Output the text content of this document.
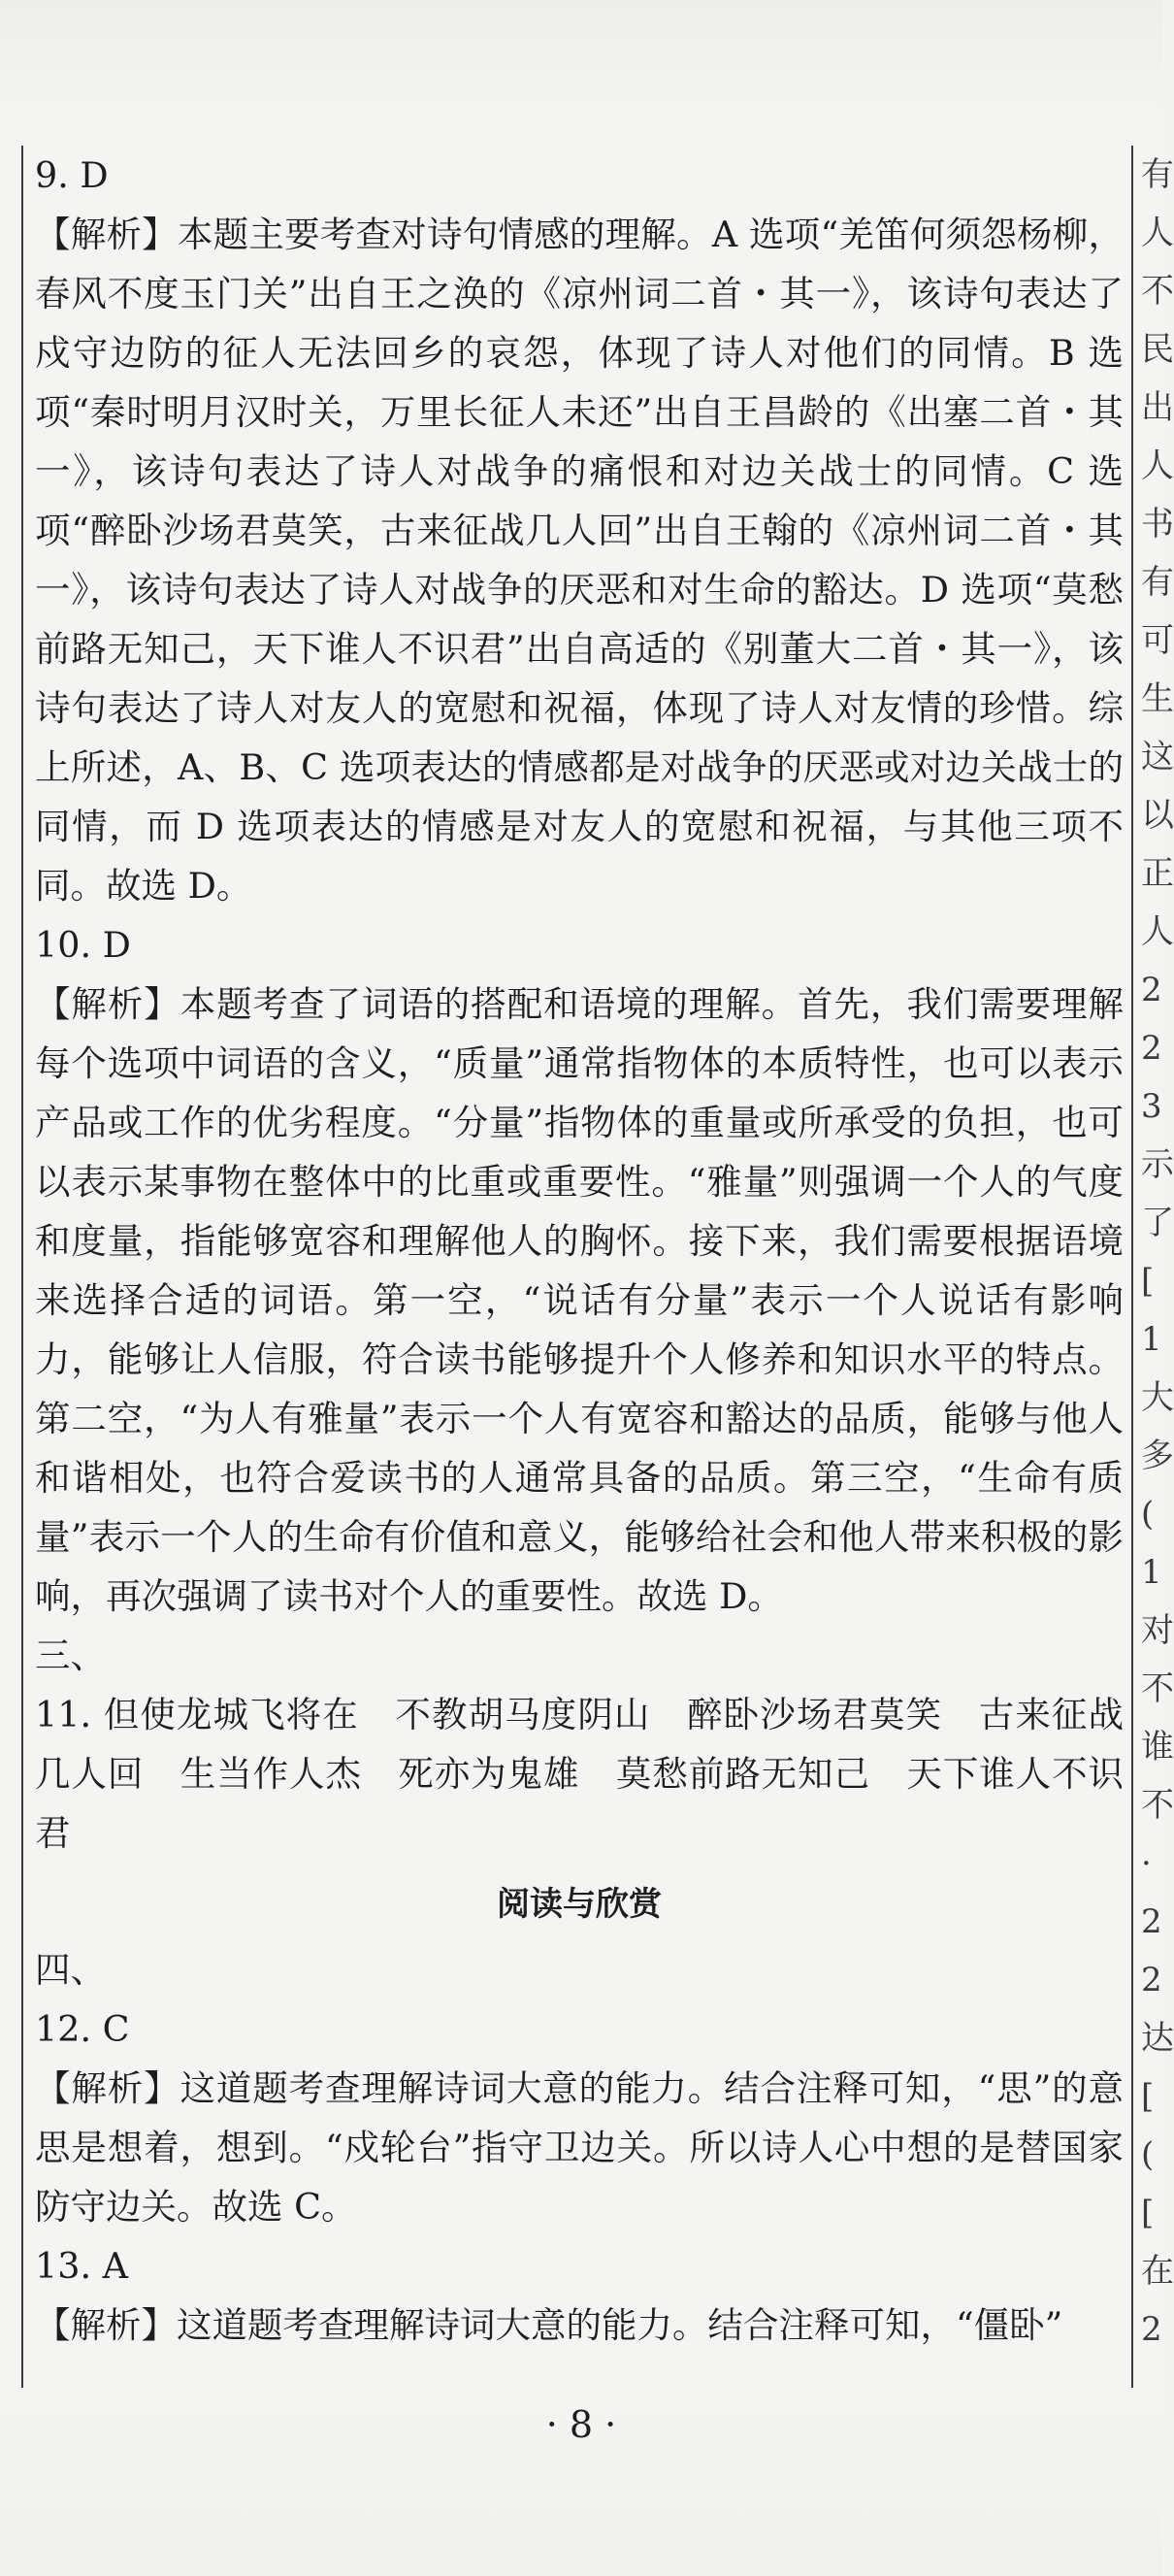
有
人
不
民
出
人
书
有
可
生
这
以
正
人
2
2
3
示
了
[
1
大
多
(
1
对
不
谁
不
·
2
2
达
[
(
[
在
2

9. D

【解析】本题主要考查对诗句情感的理解。A 选项“羌笛何须怨杨柳，春风不度玉门关”出自王之涣的《凉州词二首・其一》，该诗句表达了戍守边防的征人无法回乡的哀怨，体现了诗人对他们的同情。B 选项“秦时明月汉时关，万里长征人未还”出自王昌龄的《出塞二首・其一》，该诗句表达了诗人对战争的痛恨和对边关战士的同情。C 选项“醉卧沙场君莫笑，古来征战几人回”出自王翰的《凉州词二首・其一》，该诗句表达了诗人对战争的厌恶和对生命的豁达。D 选项“莫愁前路无知己，天下谁人不识君”出自高适的《别董大二首・其一》，该诗句表达了诗人对友人的宽慰和祝福，体现了诗人对友情的珍惜。综上所述，A、B、C 选项表达的情感都是对战争的厌恶或对边关战士的同情，而 D 选项表达的情感是对友人的宽慰和祝福，与其他三项不同。故选 D。

10. D

【解析】本题考查了词语的搭配和语境的理解。首先，我们需要理解每个选项中词语的含义，“质量”通常指物体的本质特性，也可以表示产品或工作的优劣程度。“分量”指物体的重量或所承受的负担，也可以表示某事物在整体中的比重或重要性。“雅量”则强调一个人的气度和度量，指能够宽容和理解他人的胸怀。接下来，我们需要根据语境来选择合适的词语。第一空，“说话有分量”表示一个人说话有影响力，能够让人信服，符合读书能够提升个人修养和知识水平的特点。第二空，“为人有雅量”表示一个人有宽容和豁达的品质，能够与他人和谐相处，也符合爱读书的人通常具备的品质。第三空，“生命有质量”表示一个人的生命有价值和意义，能够给社会和他人带来积极的影响，再次强调了读书对个人的重要性。故选 D。

三、

11. 但使龙城飞将在　不教胡马度阴山　醉卧沙场君莫笑　古来征战几人回　生当作人杰　死亦为鬼雄　莫愁前路无知己　天下谁人不识君

阅读与欣赏

四、

12. C

【解析】这道题考查理解诗词大意的能力。结合注释可知，“思”的意思是想着，想到。“戍轮台”指守卫边关。所以诗人心中想的是替国家防守边关。故选 C。

13. A

【解析】这道题考查理解诗词大意的能力。结合注释可知，“僵卧”

· 8 ·
